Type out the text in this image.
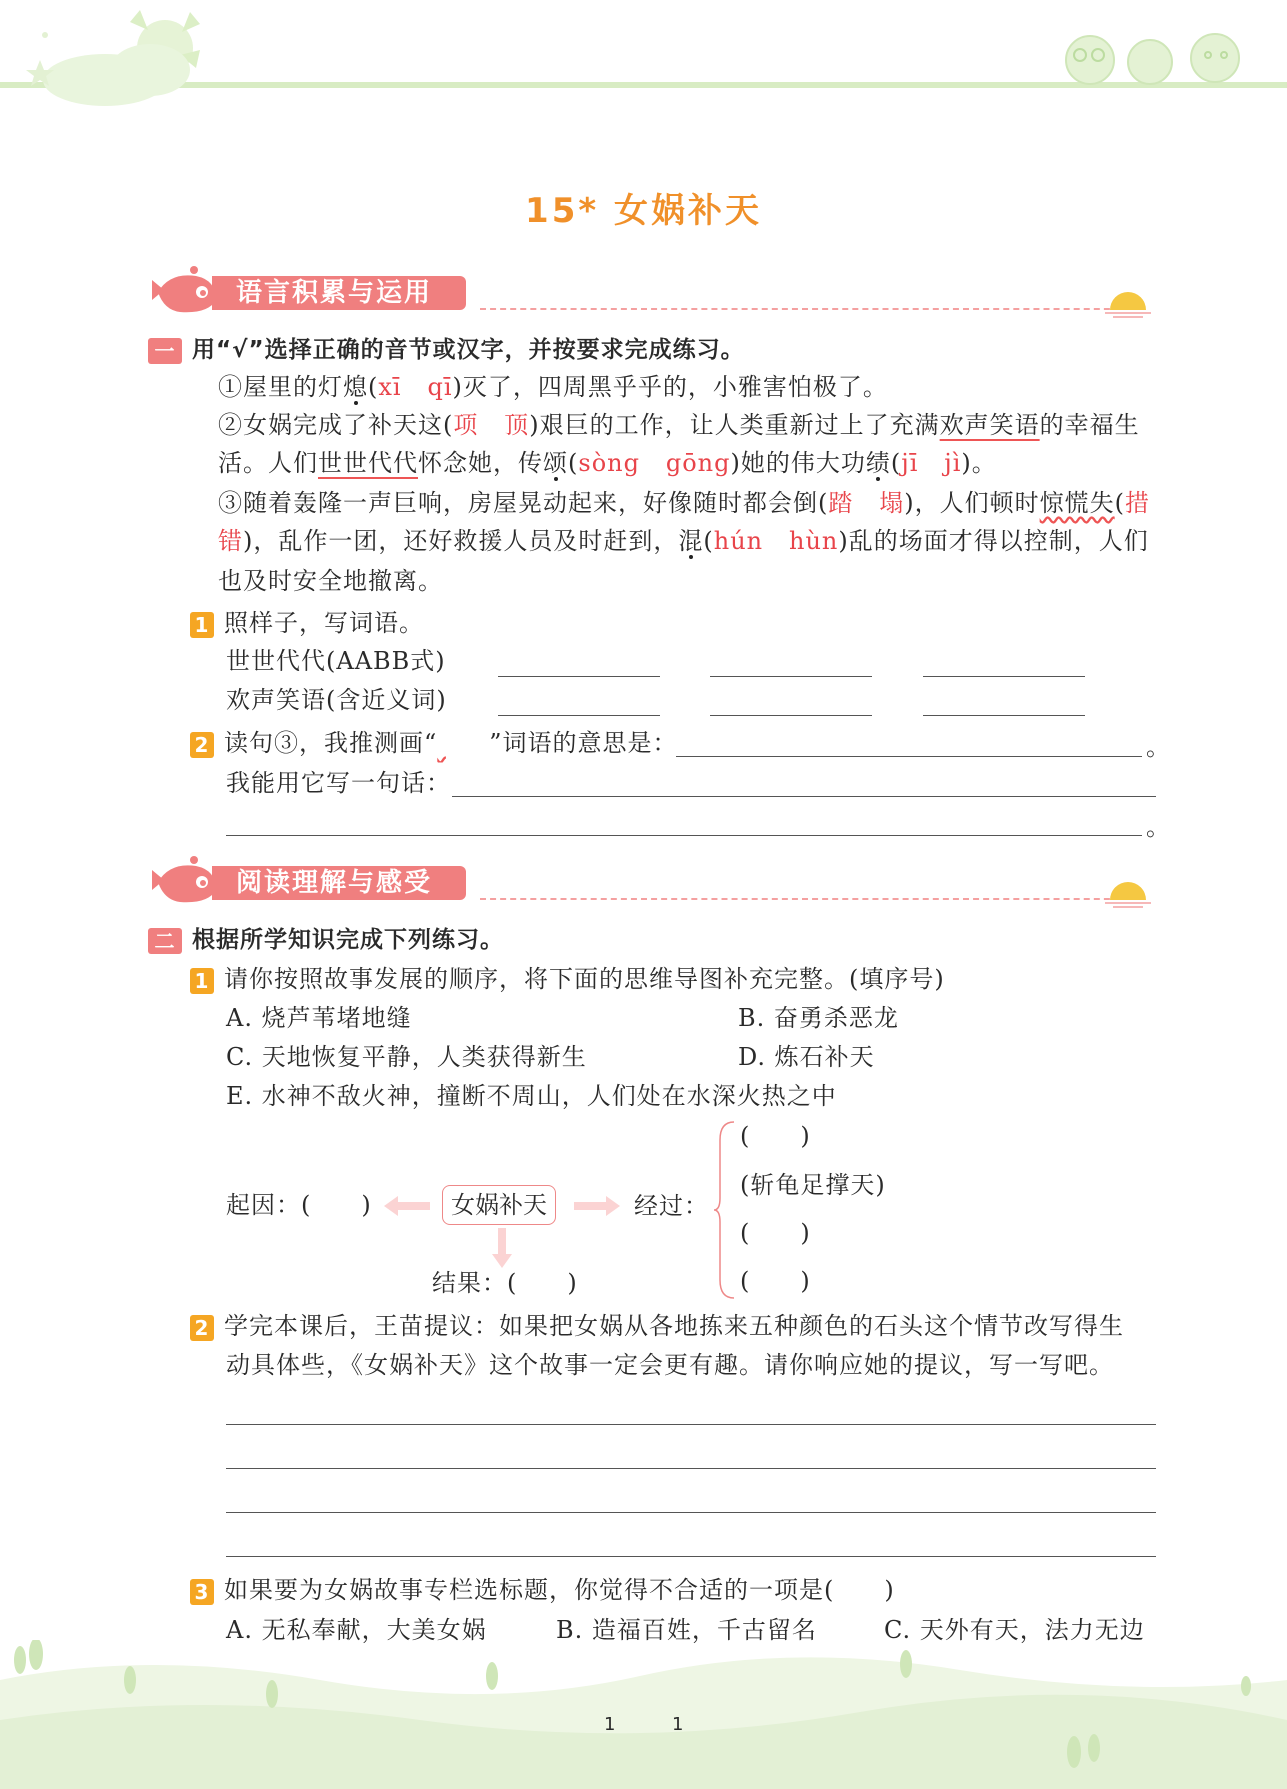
15* 女娲补天
语言积累与运用
一 用“√”选择正确的音节或汉字，并按要求完成练习。
①屋里的灯熄(xī qī)灭了，四周黑乎乎的，小雅害怕极了。
②女娲完成了补天这(项 顶)艰巨的工作，让人类重新过上了充满欢声笑语的幸福生
活。人们世世代代怀念她，传颂(sòng gōng)她的伟大功绩(jī jì)。
③随着轰隆一声巨响，房屋晃动起来，好像随时都会倒(踏 塌)，人们顿时惊慌失(措
错)，乱作一团，还好救援人员及时赶到，混(hún hùn)乱的场面才得以控制，人们
也及时安全地撤离。
1 照样子，写词语。
世世代代(AABB式)
欢声笑语(含近义词)
2 读句③，我推测画“ ”词语的意思是：	。
我能用它写一句话：
。
阅读理解与感受
二 根据所学知识完成下列练习。
1 请你按照故事发展的顺序，将下面的思维导图补充完整。(填序号)
A. 烧芦苇堵地缝	B. 奋勇杀恶龙
C. 天地恢复平静，人类获得新生	D. 炼石补天
E. 水神不敌火神，撞断不周山，人们处在水深火热之中
起因：(　　)	女娲补天	经过：
(　　)
(斩龟足撑天)
(　　)
(　　)
结果：(　　)
2 学完本课后，王苗提议：如果把女娲从各地拣来五种颜色的石头这个情节改写得生
动具体些，《女娲补天》这个故事一定会更有趣。请你响应她的提议，写一写吧。
3 如果要为女娲故事专栏选标题，你觉得不合适的一项是(　　)
A. 无私奉献，大美女娲	B. 造福百姓，千古留名	C. 天外有天，法力无边
1	1
